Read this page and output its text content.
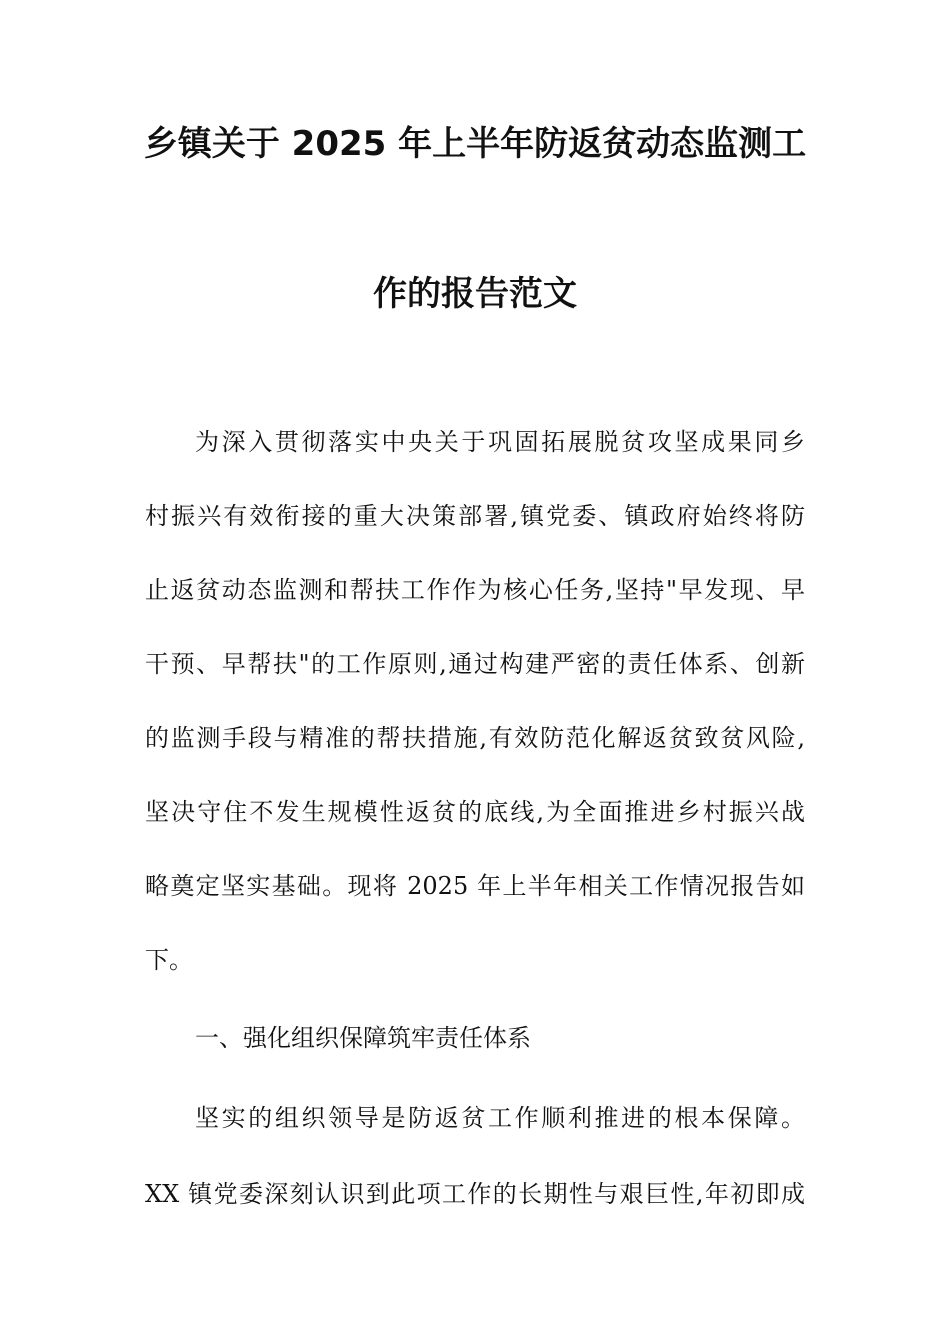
乡镇关于 2025 年上半年防返贫动态监测工
作的报告范文
为深入贯彻落实中央关于巩固拓展脱贫攻坚成果同乡
村振兴有效衔接的重大决策部署,镇党委、镇政府始终将防
止返贫动态监测和帮扶工作作为核心任务,坚持"早发现、早
干预、早帮扶"的工作原则,通过构建严密的责任体系、创新
的监测手段与精准的帮扶措施,有效防范化解返贫致贫风险,
坚决守住不发生规模性返贫的底线,为全面推进乡村振兴战
略奠定坚实基础。现将 2025 年上半年相关工作情况报告如
下。
一、强化组织保障筑牢责任体系
坚实的组织领导是防返贫工作顺利推进的根本保障。
XX 镇党委深刻认识到此项工作的长期性与艰巨性,年初即成
